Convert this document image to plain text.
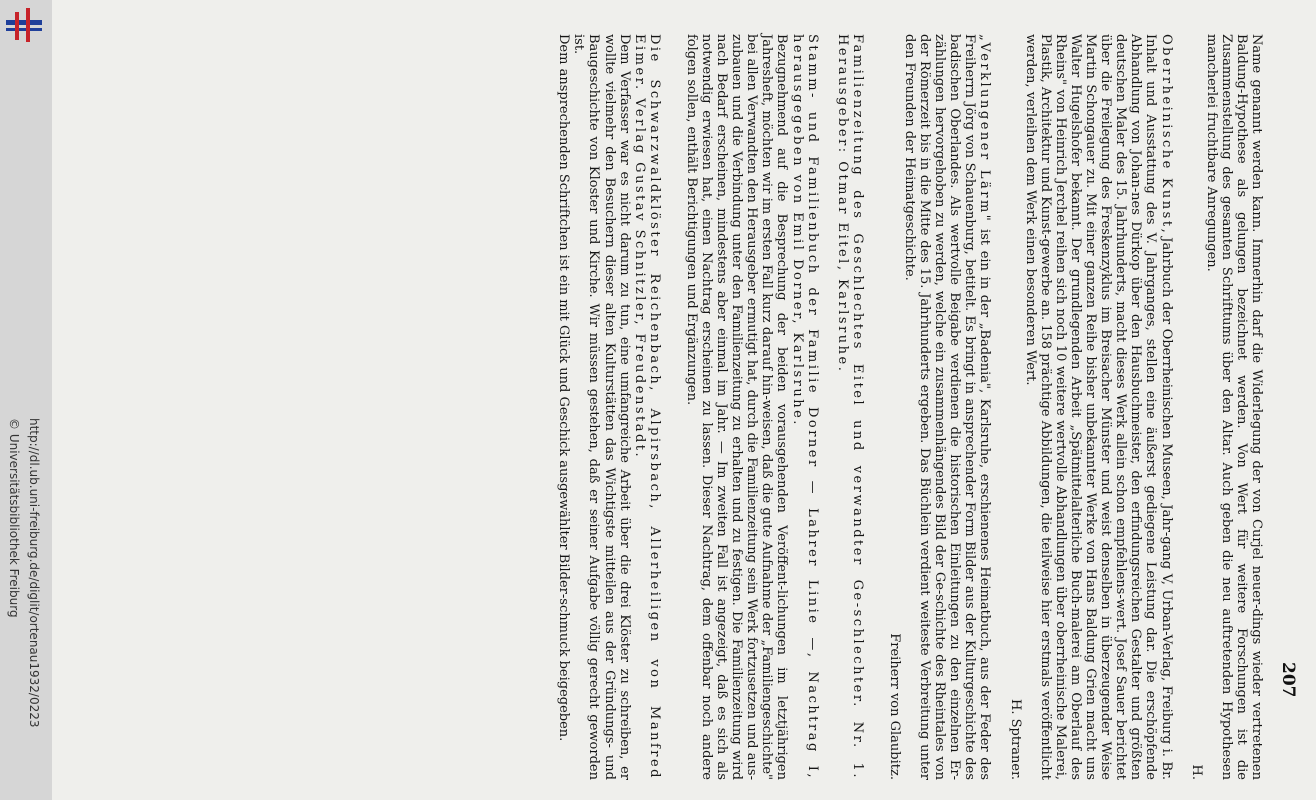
http://dl.ub.uni-freiburg.de/diglit/ortenau1932/0223
© Universitätsbibliothek Freiburg
207

Name genannt werden kann. Immerhin darf die Widerlegung der von Curjel neuer-dings wieder vertretenen Baldung-Hypothese als gelungen bezeichnet werden. Von Wert für weitere Forschungen ist die Zusammenstellung des gesamten Schrifttums über den Altar. Auch geben die neu auftretenden Hypothesen mancherlei fruchtbare Anregungen.

H.

Oberrheinische Kunst, Jahrbuch der Oberrheinischen Museen, Jahr-gang V, Urban-Verlag, Freiburg i. Br. Inhalt und Ausstattung des V. Jahrganges, stellen eine äußerst gediegene Leistung dar. Die erschöpfende Abhandlung von Johan-nes Dürkop über den Hausbuchmeister, den erfindungsreichen Gestalter und größten deutschen Maler des 15. Jahrhunderts, macht dieses Werk allein schon empfehlens-wert. Josef Sauer berichtet über die Freilegung des Freskenzyklus im Breisacher Münster und weist denselben in überzeugender Weise Martin Schongauer zu. Mit einer ganzen Reihe bisher unbekannter Werke von Hans Baldung Grien macht uns Walter Hugelshofer bekannt. Der grundlegenden Arbeit „Spätmittelalterliche Buch-malerei am Oberlauf des Rheins" von Heinrich Jerchel reihen sich noch 10 weitere wertvolle Abhandlungen über oberrheinische Malerei, Plastik, Architektur und Kunst-gewerbe an. 158 prächtige Abbildungen, die teilweise hier erstmals veröffentlicht werden, verleihen dem Werk einen besonderen Wert.

H. Sptraner.

„Verklungener Lärm" ist ein in der „Badenia", Karlsruhe, erschienenes Heimatbuch, aus der Feder des Freiherrn Jörg von Schauenburg, betitelt. Es bringt in ansprechender Form Bilder aus der Kulturgeschichte des badischen Oberlandes. Als wertvolle Beigabe verdienen die historischen Einleitungen zu den einzelnen Er-zählungen hervorgehoben zu werden, welche ein zusammenhängendes Bild der Ge-schichte des Rheintales von der Römerzeit bis in die Mitte des 15. Jahrhunderts ergeben. Das Büchlein verdient weiteste Verbreitung unter den Freunden der Heimatgeschichte.

Freiherr von Glaubitz.

Familienzeitung des Geschlechtes Eitel und verwandter Ge-schlechter. Nr. 1. Herausgeber: Otmar Eitel, Karlsruhe.

Stamm- und Familienbuch der Familie Dorner — Lahrer Linie —, Nachtrag I, herausgegeben von Emil Dorner, Karlsruhe.

Bezugnehmend auf die Besprechung der beiden vorausgehenden Veröffent-lichungen im letztjährigen Jahresheft, möchten wir im ersten Fall kurz darauf hin-weisen, daß die gute Aufnahme der „Familiengeschichte" bei allen Verwandten den Herausgeber ermutigt hat, durch die Familienzeitung sein Werk fortzusetzen und aus-zubauen und die Verbindung unter den Familienzeitung zu erhalten und zu festigen. Die Familienzeitung wird nach Bedarf erscheinen, mindestens aber einmal im Jahr. — Im zweiten Fall ist angezeigt, daß es sich als notwendig erwiesen hat, einen Nachtrag erscheinen zu lassen. Dieser Nachtrag, dem offenbar noch andere folgen sollen, enthält Berichtigungen und Ergänzungen.

Die Schwarzwaldklöster Reichenbach, Alpirsbach, Allerheiligen von Manfred Eimer. Verlag Gustav Schnitzler, Freudenstadt.

Dem Verfasser war es nicht darum zu tun, eine umfangreiche Arbeit über die drei Klöster zu schreiben, er wollte vielmehr den Besuchern dieser alten Kulturstätten das Wichtigste mitteilen aus der Gründungs- und Baugeschichte von Kloster und Kirche. Wir müssen gestehen, daß er seiner Aufgabe völlig gerecht geworden ist.

Dem ansprechenden Schriftchen ist ein mit Glück und Geschick ausgewählter Bilder-schmuck beigegeben.
